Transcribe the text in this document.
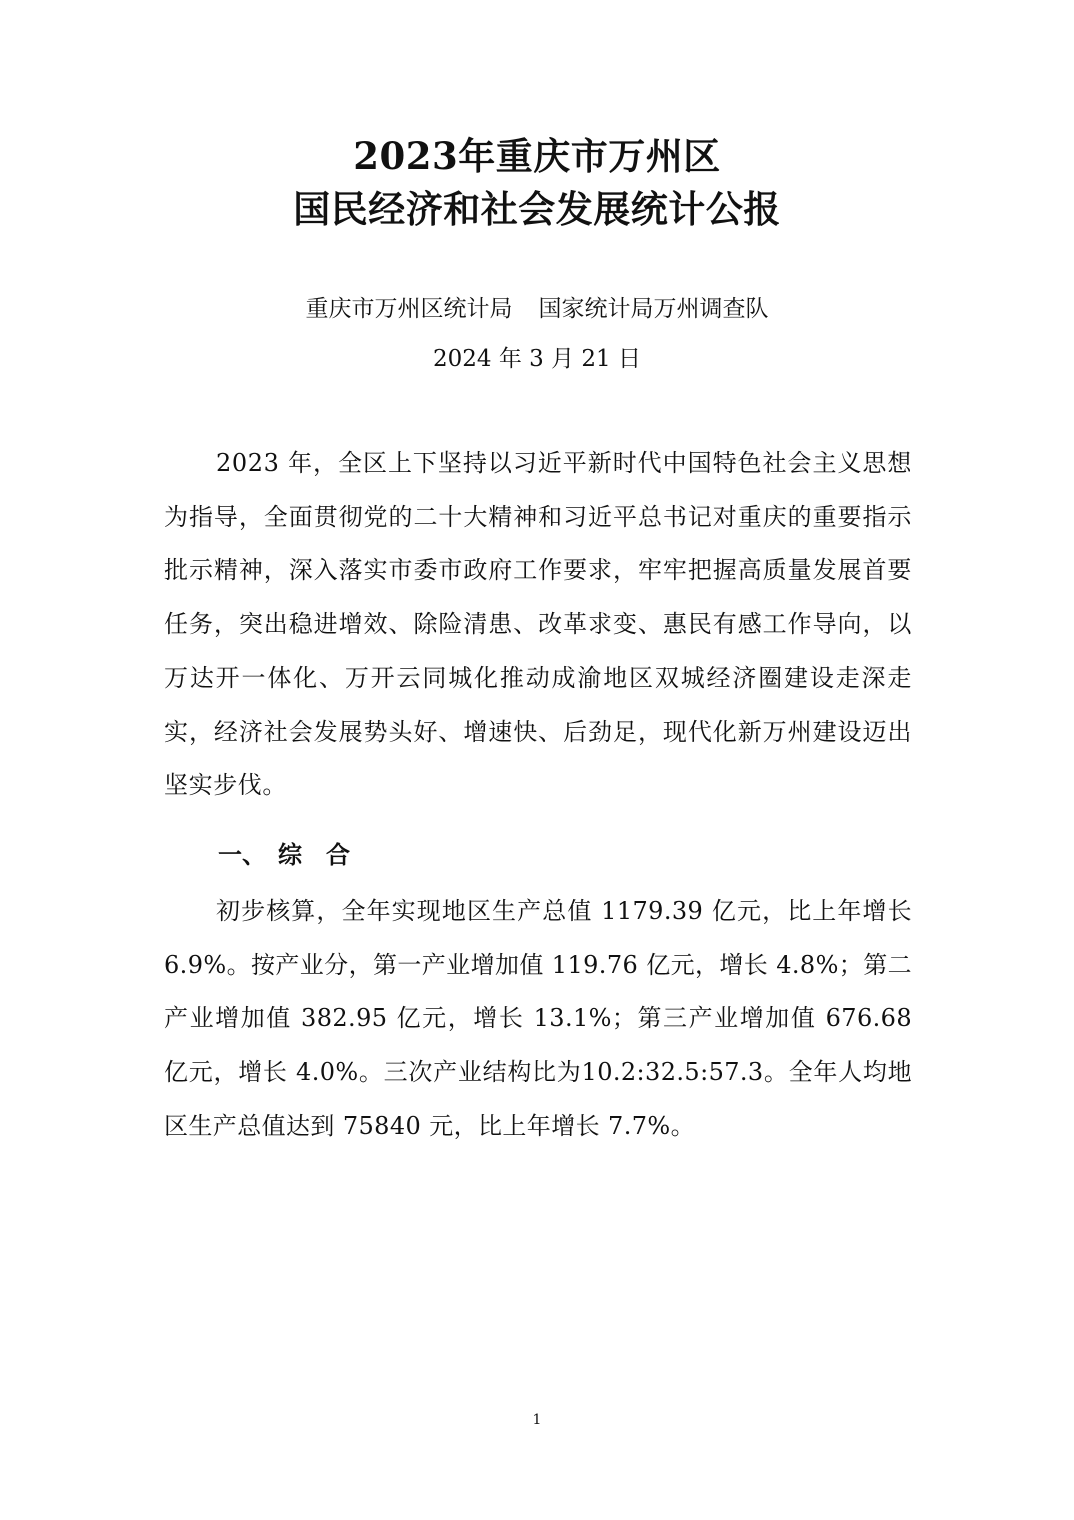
2023年重庆市万州区
国民经济和社会发展统计公报
重庆市万州区统计局 国家统计局万州调查队
2024 年 3 月 21 日

2023 年，全区上下坚持以习近平新时代中国特色社会主义思想为指导，全面贯彻党的二十大精神和习近平总书记对重庆的重要指示批示精神，深入落实市委市政府工作要求，牢牢把握高质量发展首要任务，突出稳进增效、除险清患、改革求变、惠民有感工作导向，以万达开一体化、万开云同城化推动成渝地区双城经济圈建设走深走实，经济社会发展势头好、增速快、后劲足，现代化新万州建设迈出坚实步伐。

一、 综合

初步核算，全年实现地区生产总值 1179.39 亿元，比上年增长 6.9%。按产业分，第一产业增加值 119.76 亿元，增长 4.8%；第二产业增加值 382.95 亿元，增长 13.1%；第三产业增加值 676.68 亿元，增长 4.0%。三次产业结构比为10.2:32.5:57.3。全年人均地区生产总值达到 75840 元，比上年增长 7.7%。

1
